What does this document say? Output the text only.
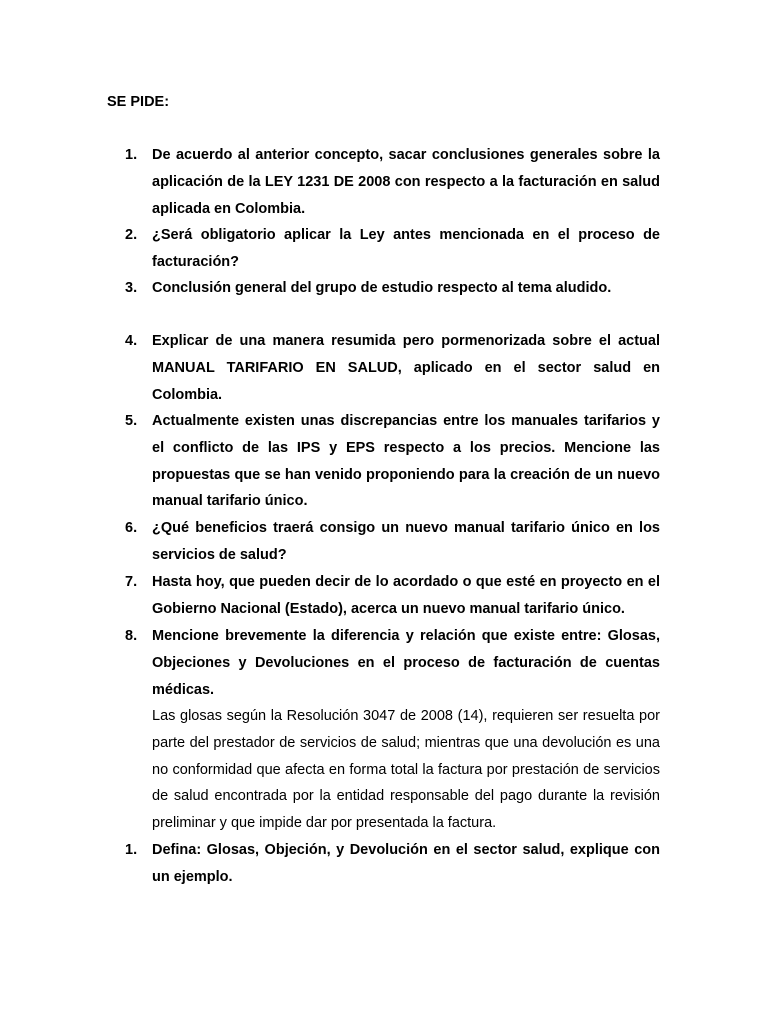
SE PIDE:
1. De acuerdo al anterior concepto, sacar conclusiones generales sobre la aplicación de la LEY 1231 DE 2008 con respecto a la facturación en salud aplicada en Colombia.
2. ¿Será obligatorio aplicar la Ley antes mencionada en el proceso de facturación?
3. Conclusión general del grupo de estudio respecto al tema aludido.
4. Explicar de una manera resumida pero pormenorizada sobre el actual MANUAL TARIFARIO EN SALUD, aplicado en el sector salud en Colombia.
5. Actualmente existen unas discrepancias entre los manuales tarifarios y el conflicto de las IPS y EPS respecto a los precios. Mencione las propuestas que se han venido proponiendo para la creación de un nuevo manual tarifario único.
6. ¿Qué beneficios traerá consigo un nuevo manual tarifario único en los servicios de salud?
7. Hasta hoy, que pueden decir de lo acordado o que esté en proyecto en el Gobierno Nacional (Estado), acerca un nuevo manual tarifario único.
8. Mencione brevemente la diferencia y relación que existe entre: Glosas, Objeciones y Devoluciones en el proceso de facturación de cuentas médicas.
Las glosas según la Resolución 3047 de 2008 (14), requieren ser resuelta por parte del prestador de servicios de salud; mientras que una devolución es una no conformidad que afecta en forma total la factura por prestación de servicios de salud encontrada por la entidad responsable del pago durante la revisión preliminar y que impide dar por presentada la factura.
1. Defina: Glosas, Objeción, y Devolución en el sector salud, explique con un ejemplo.
